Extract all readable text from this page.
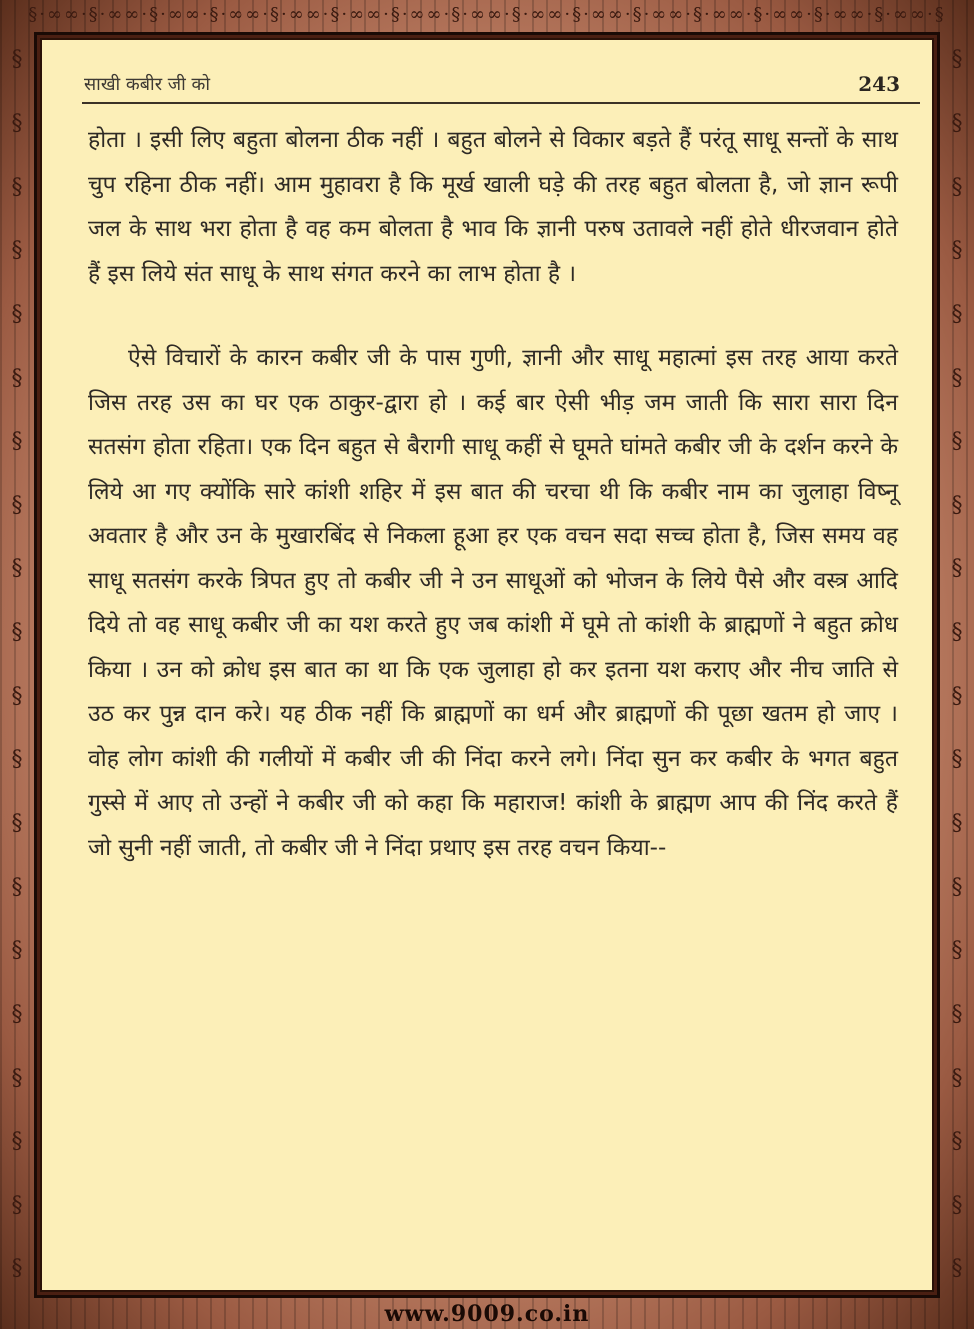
§·∞∞·§·∞∞·§·∞∞·§·∞∞·§·∞∞·§·∞∞·§·∞∞·§·∞∞·§·∞∞·§·∞∞·§·∞∞·§·∞∞·§·∞∞·§·∞∞·§·∞∞·§
§
§
§
§
§
§
§
§
§
§
§
§
§
§
§
§
§
§
§
§
§
§
§
§
§
§
§
§
§
§
§
§
§
§
§
§
§
§
§
§
साखी कबीर जी को	243

होता । इसी लिए बहुता बोलना ठीक नहीं । बहुत बोलने से विकार बड़ते हैं परंतू साधू सन्तों के साथ चुप रहिना ठीक नहीं। आम मुहावरा है कि मूर्ख खाली घड़े की तरह बहुत बोलता है, जो ज्ञान रूपी जल के साथ भरा होता है वह कम बोलता है भाव कि ज्ञानी परुष उतावले नहीं होते धीरजवान होते हैं इस लिये संत साधू के साथ संगत करने का लाभ होता है ।

ऐसे विचारों के कारन कबीर जी के पास गुणी, ज्ञानी और साधू महात्मां इस तरह आया करते जिस तरह उस का घर एक ठाकुर-द्वारा हो । कई बार ऐसी भीड़ जम जाती कि सारा सारा दिन सतसंग होता रहिता। एक दिन बहुत से बैरागी साधू कहीं से घूमते घांमते कबीर जी के दर्शन करने के लिये आ गए क्योंकि सारे कांशी शहिर में इस बात की चरचा थी कि कबीर नाम का जुलाहा विष्नू अवतार है और उन के मुखारबिंद से निकला हूआ हर एक वचन सदा सच्च होता है, जिस समय वह साधू सतसंग करके त्रिपत हुए तो कबीर जी ने उन साधूओं को भोजन के लिये पैसे और वस्त्र आदि दिये तो वह साधू कबीर जी का यश करते हुए जब कांशी में घूमे तो कांशी के ब्राह्मणों ने बहुत क्रोध किया । उन को क्रोध इस बात का था कि एक जुलाहा हो कर इतना यश कराए और नीच जाति से उठ कर पुन्न दान करे। यह ठीक नहीं कि ब्राह्मणों का धर्म और ब्राह्मणों की पूछा खतम हो जाए । वोह लोग कांशी की गलीयों में कबीर जी की निंदा करने लगे। निंदा सुन कर कबीर के भगत बहुत गुस्से में आए तो उन्हों ने कबीर जी को कहा कि महाराज! कांशी के ब्राह्मण आप की निंद करते हैं जो सुनी नहीं जाती, तो कबीर जी ने निंदा प्रथाए इस तरह वचन किया--

www.9009.co.in
